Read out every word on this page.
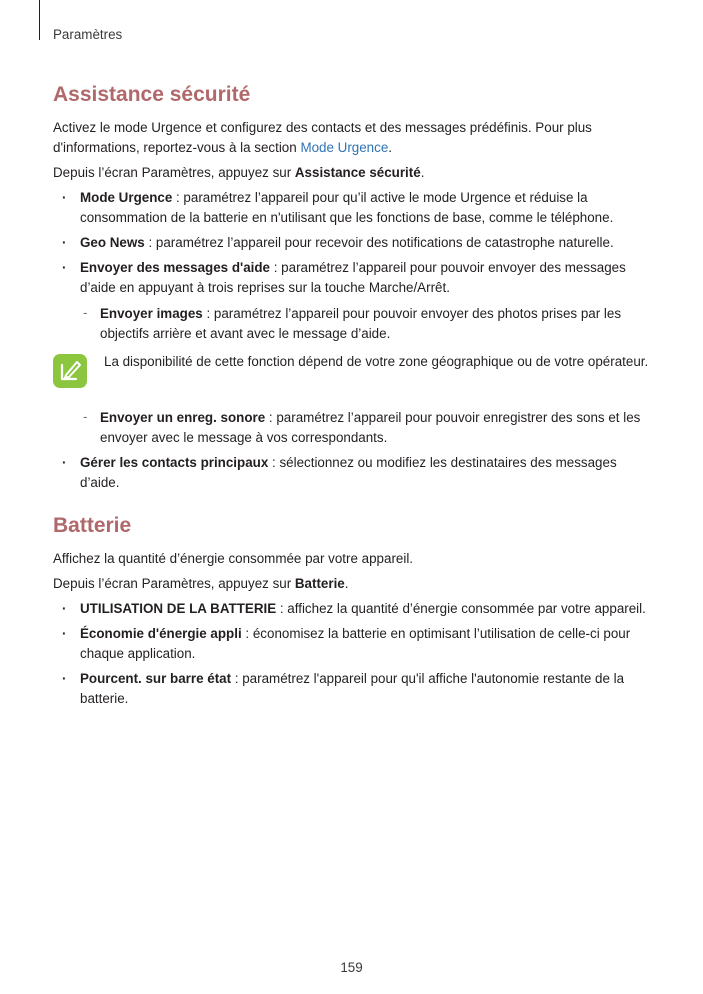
Paramètres
Assistance sécurité

Activez le mode Urgence et configurez des contacts et des messages prédéfinis. Pour plus d'informations, reportez-vous à la section Mode Urgence.

Depuis l’écran Paramètres, appuyez sur Assistance sécurité.

· Mode Urgence : paramétrez l’appareil pour qu’il active le mode Urgence et réduise la consommation de la batterie en n'utilisant que les fonctions de base, comme le téléphone.
· Geo News : paramétrez l’appareil pour recevoir des notifications de catastrophe naturelle.
· Envoyer des messages d'aide : paramétrez l’appareil pour pouvoir envoyer des messages d’aide en appuyant à trois reprises sur la touche Marche/Arrêt.
- Envoyer images : paramétrez l’appareil pour pouvoir envoyer des photos prises par les objectifs arrière et avant avec le message d’aide.
La disponibilité de cette fonction dépend de votre zone géographique ou de votre opérateur.
- Envoyer un enreg. sonore : paramétrez l’appareil pour pouvoir enregistrer des sons et les envoyer avec le message à vos correspondants.
· Gérer les contacts principaux : sélectionnez ou modifiez les destinataires des messages d’aide.
Batterie

Affichez la quantité d’énergie consommée par votre appareil.

Depuis l’écran Paramètres, appuyez sur Batterie.

· UTILISATION DE LA BATTERIE : affichez la quantité d’énergie consommée par votre appareil.
· Économie d'énergie appli : économisez la batterie en optimisant l’utilisation de celle-ci pour chaque application.
· Pourcent. sur barre état : paramétrez l'appareil pour qu'il affiche l'autonomie restante de la batterie.
159
